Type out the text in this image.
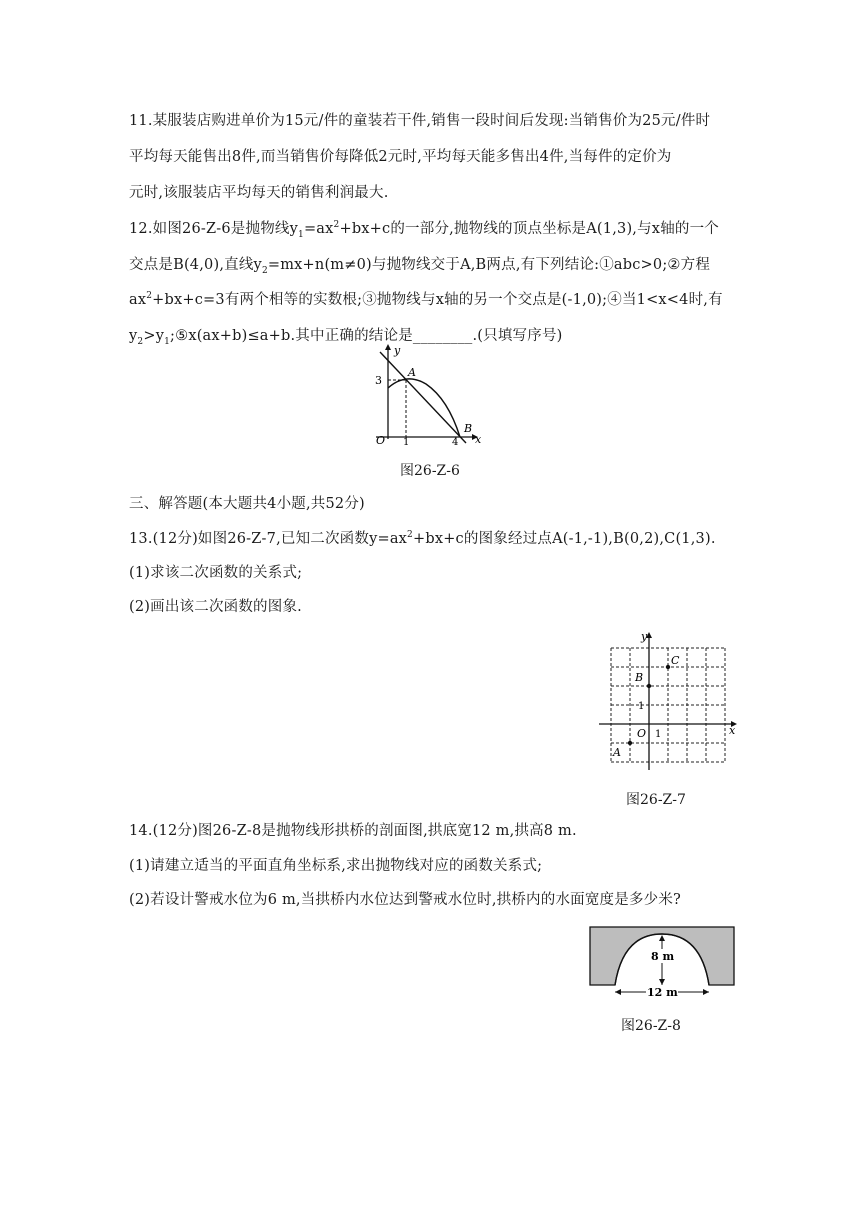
11.某服装店购进单价为15元/件的童装若干件,销售一段时间后发现:当销售价为25元/件时
平均每天能售出8件,而当销售价每降低2元时,平均每天能多售出4件,当每件的定价为
元时,该服装店平均每天的销售利润最大.
12.如图26-Z-6是抛物线$y_1=ax^2+bx+c$的一部分,抛物线的顶点坐标是A(1,3),与x轴的一个
交点是B(4,0),直线$y_2=mx+n(m\ne 0)$与抛物线交于A,B两点,有下列结论:①abc>0;②方程
$ax^2+bx+c=3$有两个相等的实数根;③抛物线与x轴的另一个交点是(-1,0);④当1<x<4时,有
$y_2>y_1;⑤x(ax+b)\le a+b$.其中正确的结论是________.(只填写序号)
y
x
O
3
1	4
A
B
图26-Z-6
三、解答题(本大题共4小题,共52分)
13.(12分)如图26-Z-7,已知二次函数$y=ax^2+bx+c$的图象经过点A(-1,-1),B(0,2),C(1,3).
(1)求该二次函数的关系式;
(2)画出该二次函数的图象.
y
x
O 1
1
A
B
C
图26-Z-7
14.(12分)图26-Z-8是抛物线形拱桥的剖面图,拱底宽12 m,拱高8 m.
(1)请建立适当的平面直角坐标系,求出抛物线对应的函数关系式;
(2)若设计警戒水位为6 m,当拱桥内水位达到警戒水位时,拱桥内的水面宽度是多少米?
8 m
12 m
图26-Z-8
